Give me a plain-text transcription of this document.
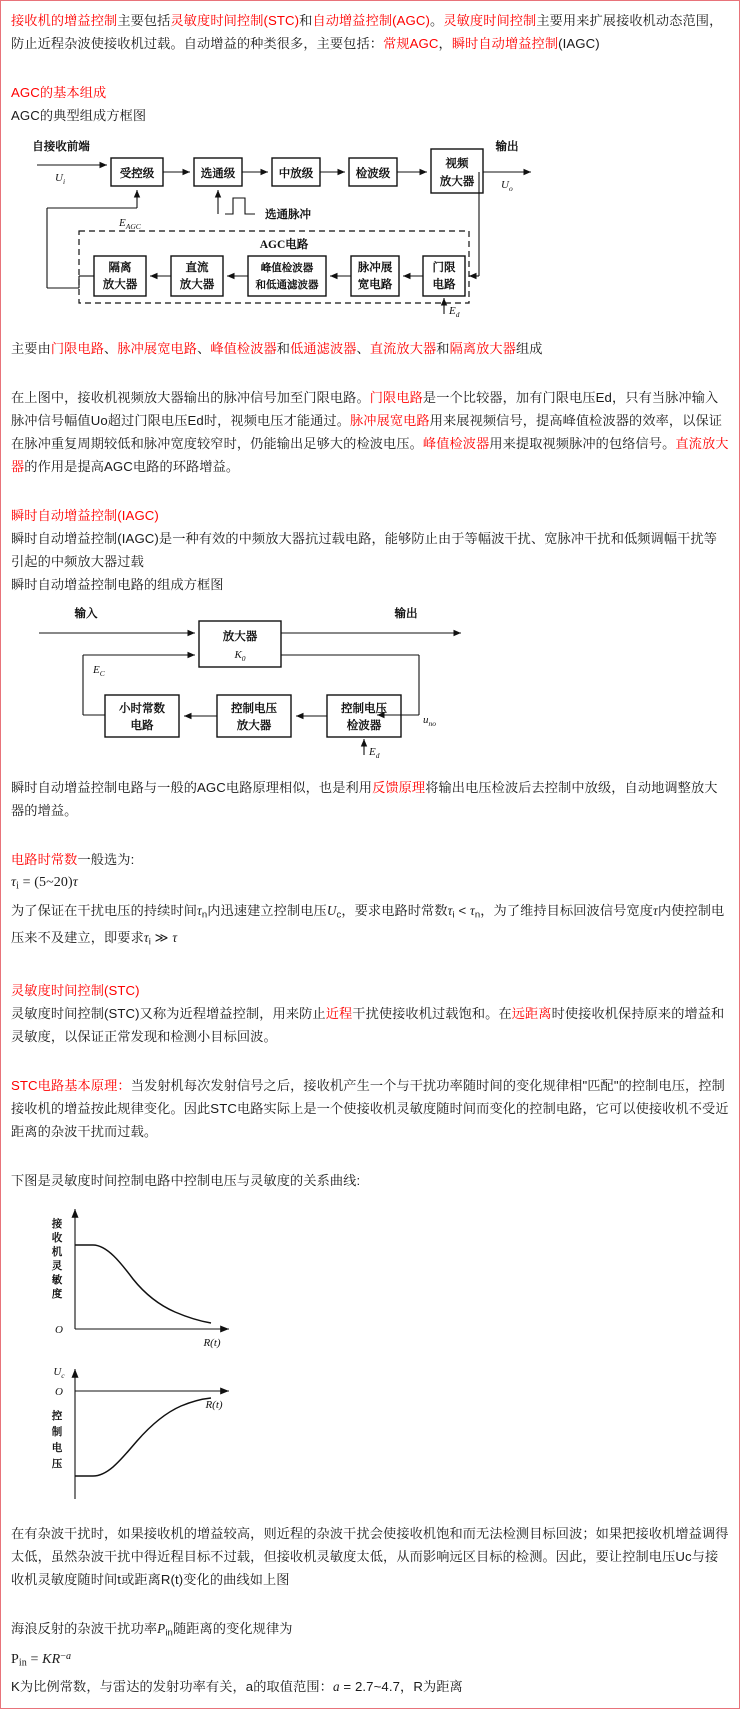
接收机的增益控制主要包括灵敏度时间控制(STC)和自动增益控制(AGC)。灵敏度时间控制主要用来扩展接收机动态范围，防止近程杂波使接收机过载。自动增益的种类很多，主要包括：常规AGC，瞬时自动增益控制(IAGC)

AGC的基本组成

AGC的典型组成方框图

受控级	选通级	中放级	检波级
视频
放大器
自接收前端
$U_i$
输出
$U_o$
$E_{AGC}$
选通脉冲
AGC电路
隔离
放大器
直流
放大器
峰值检波器
和低通滤波器
脉冲展
宽电路
门限
电路
$E_d$

主要由门限电路、脉冲展宽电路、峰值检波器和低通滤波器、直流放大器和隔离放大器组成

在上图中，接收机视频放大器输出的脉冲信号加至门限电路。门限电路是一个比较器，加有门限电压Ed，只有当脉冲输入脉冲信号幅值Uo超过门限电压Ed时，视频电压才能通过。脉冲展宽电路用来展视频信号，提高峰值检波器的效率，以保证在脉冲重复周期较低和脉冲宽度较窄时，仍能输出足够大的检波电压。峰值检波器用来提取视频脉冲的包络信号。直流放大器的作用是提高AGC电路的环路增益。

瞬时自动增益控制(IAGC)

瞬时自动增益控制(IAGC)是一种有效的中频放大器抗过载电路，能够防止由于等幅波干扰、宽脉冲干扰和低频调幅干扰等引起的中频放大器过载

瞬时自动增益控制电路的组成方框图

放大器
$K_0$
输入	输出
$E_C$
$u_{no}$
小时常数
电路
控制电压
放大器
控制电压
检波器
$E_d$

瞬时自动增益控制电路与一般的AGC电路原理相似，也是利用反馈原理将输出电压检波后去控制中放级，自动地调整放大器的增益。

电路时常数一般选为:

$\tau_i$ = (5~20)τ

为了保证在干扰电压的持续时间$\tau_n$内迅速建立控制电压$U_c$，要求电路时常数$\tau_i < \tau_n$，为了维持目标回波信号宽度τ内使控制电压来不及建立，即要求$\tau_i$ ≫ τ

灵敏度时间控制(STC)

灵敏度时间控制(STC)又称为近程增益控制，用来防止近程干扰使接收机过载饱和。在远距离时使接收机保持原来的增益和灵敏度，以保证正常发现和检测小目标回波。

STC电路基本原理：当发射机每次发射信号之后，接收机产生一个与干扰功率随时间的变化规律相"匹配"的控制电压，控制接收机的增益按此规律变化。因此STC电路实际上是一个使接收机灵敏度随时间而变化的控制电路，它可以使接收机不受近距离的杂波干扰而过载。

下图是灵敏度时间控制电路中控制电压与灵敏度的关系曲线:

O
接
收
机
灵
敏
度
R(t)
O
$U_c$
控
制
电
压
R(t)

在有杂波干扰时，如果接收机的增益较高，则近程的杂波干扰会使接收机饱和而无法检测目标回波；如果把接收机增益调得太低，虽然杂波干扰中得近程目标不过载，但接收机灵敏度太低，从而影响远区目标的检测。因此，要让控制电压Uc与接收机灵敏度随时间t或距离R(t)变化的曲线如上图

海浪反射的杂波干扰功率$P_{in}$随距离的变化规律为

$P_{in} = KR^{-a}$

K为比例常数，与雷达的发射功率有关，a的取值范围：a = 2.7~4.7，R为距离
